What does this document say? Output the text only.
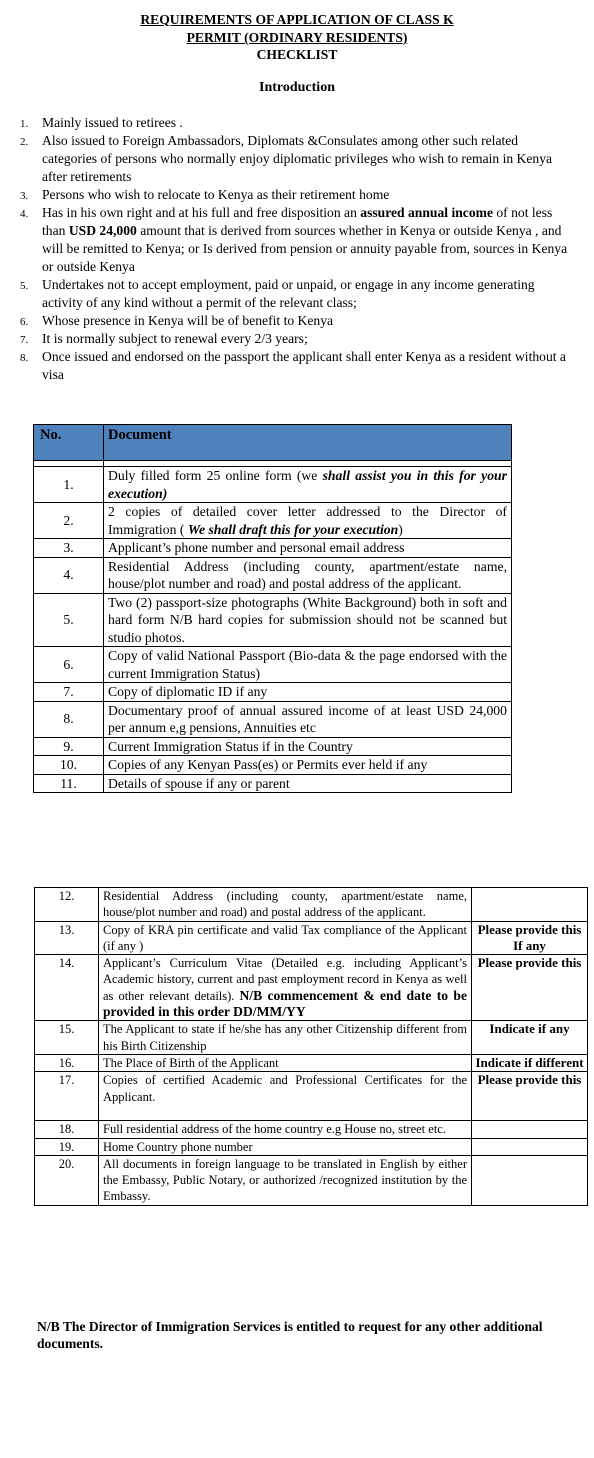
REQUIREMENTS OF APPLICATION OF CLASS K
PERMIT (ORDINARY RESIDENTS)
CHECKLIST
Introduction
1. Mainly issued to retirees .
2. Also issued to Foreign Ambassadors, Diplomats &Consulates among other such related categories of persons who normally enjoy diplomatic privileges who wish to remain in Kenya after retirements
3. Persons who wish to relocate to Kenya as their retirement home
4. Has in his own right and at his full and free disposition an assured annual income of not less than USD 24,000 amount that is derived from sources whether in Kenya or outside Kenya , and will be remitted to Kenya; or Is derived from pension or annuity payable from, sources in Kenya or outside Kenya
5. Undertakes not to accept employment, paid or unpaid, or engage in any income generating activity of any kind without a permit of the relevant class;
6. Whose presence in Kenya will be of benefit to Kenya
7. It is normally subject to renewal every 2/3 years;
8. Once issued and endorsed on the passport the applicant shall enter Kenya as a resident without a visa
No.	Document

1.	Duly filled form 25 online form (we shall assist you in this for your execution)
2.	2 copies of detailed cover letter addressed to the Director of Immigration ( We shall draft this for your execution)
3.	Applicant’s phone number and personal email address
4.	Residential Address (including county, apartment/estate name, house/plot number and road) and postal address of the applicant.
5.	Two (2) passport-size photographs (White Background) both in soft and hard form N/B hard copies for submission should not be scanned but studio photos.
6.	Copy of valid National Passport (Bio-data & the page endorsed with the current Immigration Status)
7.	Copy of diplomatic ID if any
8.	Documentary proof of annual assured income of at least USD 24,000 per annum e,g pensions, Annuities etc
9.	Current Immigration Status if in the Country
10.	Copies of any Kenyan Pass(es) or Permits ever held if any
11.	Details of spouse if any or parent
12.	Residential Address (including county, apartment/estate name, house/plot number and road) and postal address of the applicant.	
13.	Copy of KRA pin certificate and valid Tax compliance of the Applicant (if any )	Please provide this If any
14.	Applicant’s Curriculum Vitae (Detailed e.g. including Applicant’s Academic history, current and past employment record in Kenya as well as other relevant details). N/B commencement & end date to be provided in this order DD/MM/YY	Please provide this
15.	The Applicant to state if he/she has any other Citizenship different from his Birth Citizenship	Indicate if any
16.	The Place of Birth of the Applicant	Indicate if different
17.	Copies of certified Academic and Professional Certificates for the Applicant.	Please provide this
18.	Full residential address of the home country e.g House no, street etc.	
19.	Home Country phone number	
20.	All documents in foreign language to be translated in English by either the Embassy, Public Notary, or authorized /recognized institution by the Embassy.	
N/B The Director of Immigration Services is entitled to request for any other additional documents.
